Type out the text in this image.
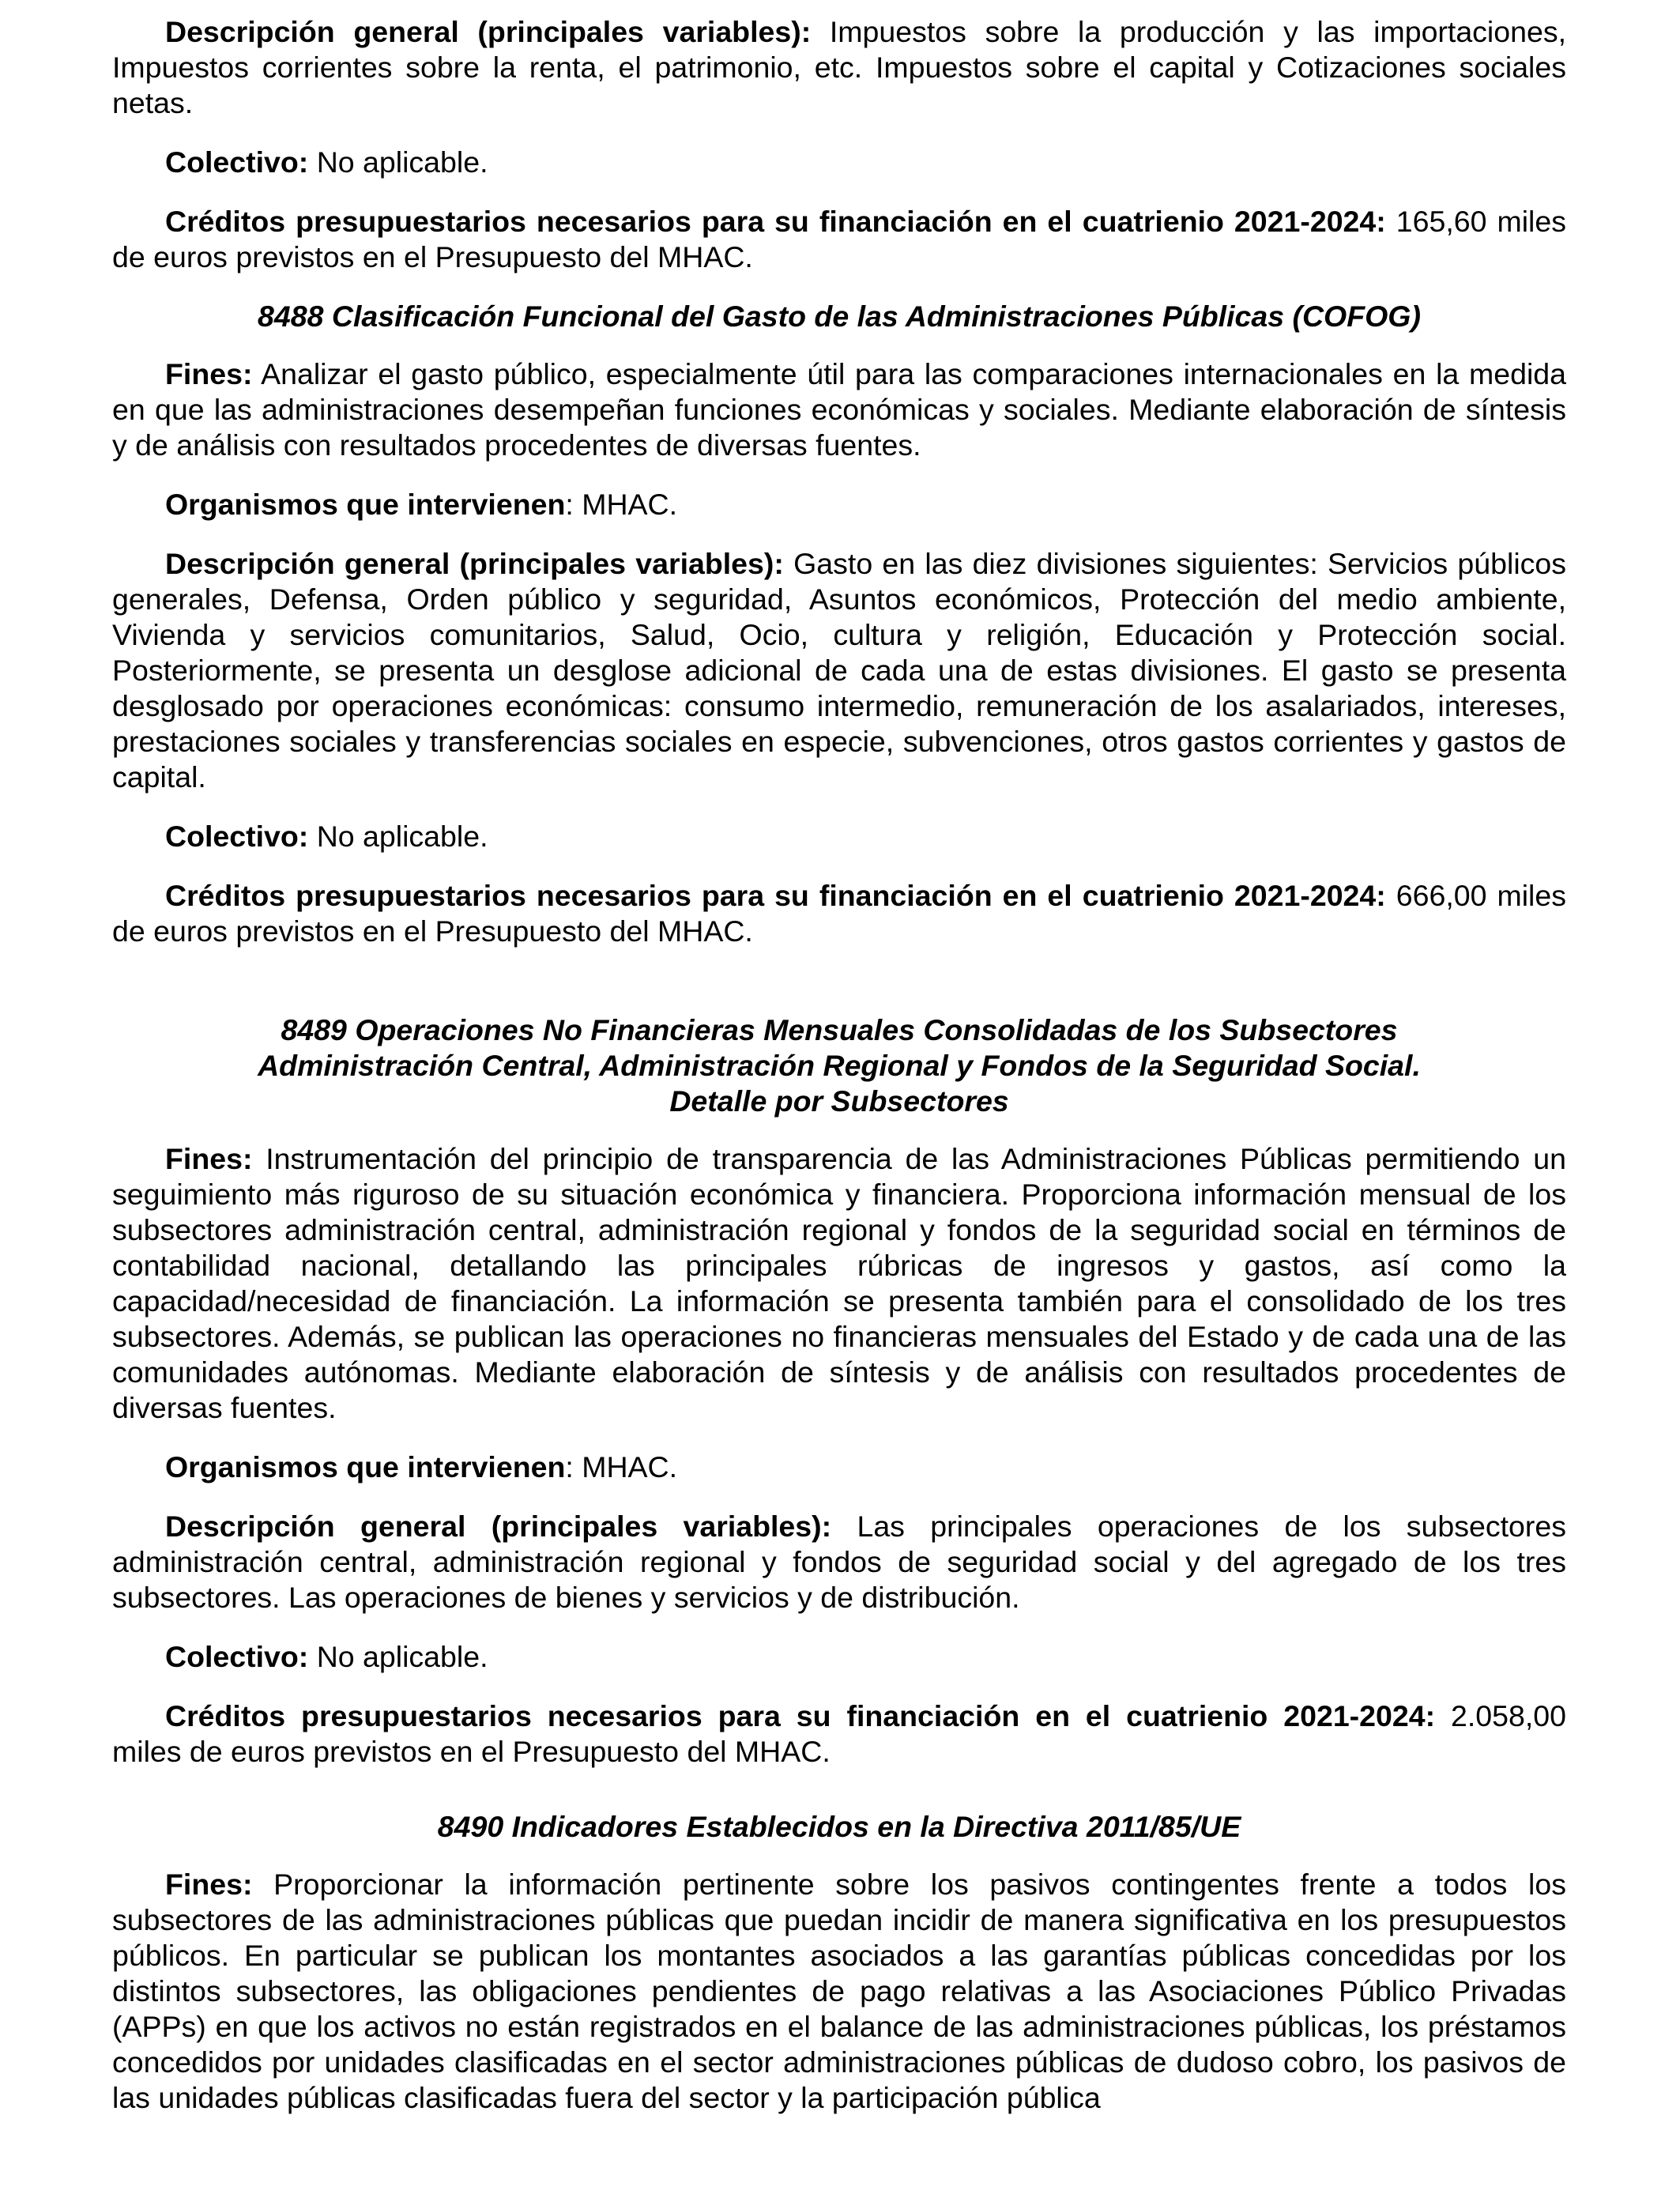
Descripción general (principales variables): Impuestos sobre la producción y las importaciones, Impuestos corrientes sobre la renta, el patrimonio, etc. Impuestos sobre el capital y Cotizaciones sociales netas.

Colectivo: No aplicable.

Créditos presupuestarios necesarios para su financiación en el cuatrienio 2021-2024: 165,60 miles de euros previstos en el Presupuesto del MHAC.

8488 Clasificación Funcional del Gasto de las Administraciones Públicas (COFOG)

Fines: Analizar el gasto público, especialmente útil para las comparaciones internacionales en la medida en que las administraciones desempeñan funciones económicas y sociales. Mediante elaboración de síntesis y de análisis con resultados procedentes de diversas fuentes.

Organismos que intervienen: MHAC.

Descripción general (principales variables): Gasto en las diez divisiones siguientes: Servicios públicos generales, Defensa, Orden público y seguridad, Asuntos económicos, Protección del medio ambiente, Vivienda y servicios comunitarios, Salud, Ocio, cultura y religión, Educación y Protección social. Posteriormente, se presenta un desglose adicional de cada una de estas divisiones. El gasto se presenta desglosado por operaciones económicas: consumo intermedio, remuneración de los asalariados, intereses, prestaciones sociales y transferencias sociales en especie, subvenciones, otros gastos corrientes y gastos de capital.

Colectivo: No aplicable.

Créditos presupuestarios necesarios para su financiación en el cuatrienio 2021-2024: 666,00 miles de euros previstos en el Presupuesto del MHAC.

8489 Operaciones No Financieras Mensuales Consolidadas de los Subsectores
Administración Central, Administración Regional y Fondos de la Seguridad Social.
Detalle por Subsectores

Fines: Instrumentación del principio de transparencia de las Administraciones Públicas permitiendo un seguimiento más riguroso de su situación económica y financiera. Proporciona información mensual de los subsectores administración central, administración regional y fondos de la seguridad social en términos de contabilidad nacional, detallando las principales rúbricas de ingresos y gastos, así como la capacidad/necesidad de financiación. La información se presenta también para el consolidado de los tres subsectores. Además, se publican las operaciones no financieras mensuales del Estado y de cada una de las comunidades autónomas. Mediante elaboración de síntesis y de análisis con resultados procedentes de diversas fuentes.

Organismos que intervienen: MHAC.

Descripción general (principales variables): Las principales operaciones de los subsectores administración central, administración regional y fondos de seguridad social y del agregado de los tres subsectores. Las operaciones de bienes y servicios y de distribución.

Colectivo: No aplicable.

Créditos presupuestarios necesarios para su financiación en el cuatrienio 2021-2024: 2.058,00 miles de euros previstos en el Presupuesto del MHAC.

8490 Indicadores Establecidos en la Directiva 2011/85/UE

Fines: Proporcionar la información pertinente sobre los pasivos contingentes frente a todos los subsectores de las administraciones públicas que puedan incidir de manera significativa en los presupuestos públicos. En particular se publican los montantes asociados a las garantías públicas concedidas por los distintos subsectores, las obligaciones pendientes de pago relativas a las Asociaciones Público Privadas (APPs) en que los activos no están registrados en el balance de las administraciones públicas, los préstamos concedidos por unidades clasificadas en el sector administraciones públicas de dudoso cobro, los pasivos de las unidades públicas clasificadas fuera del sector y la participación pública
